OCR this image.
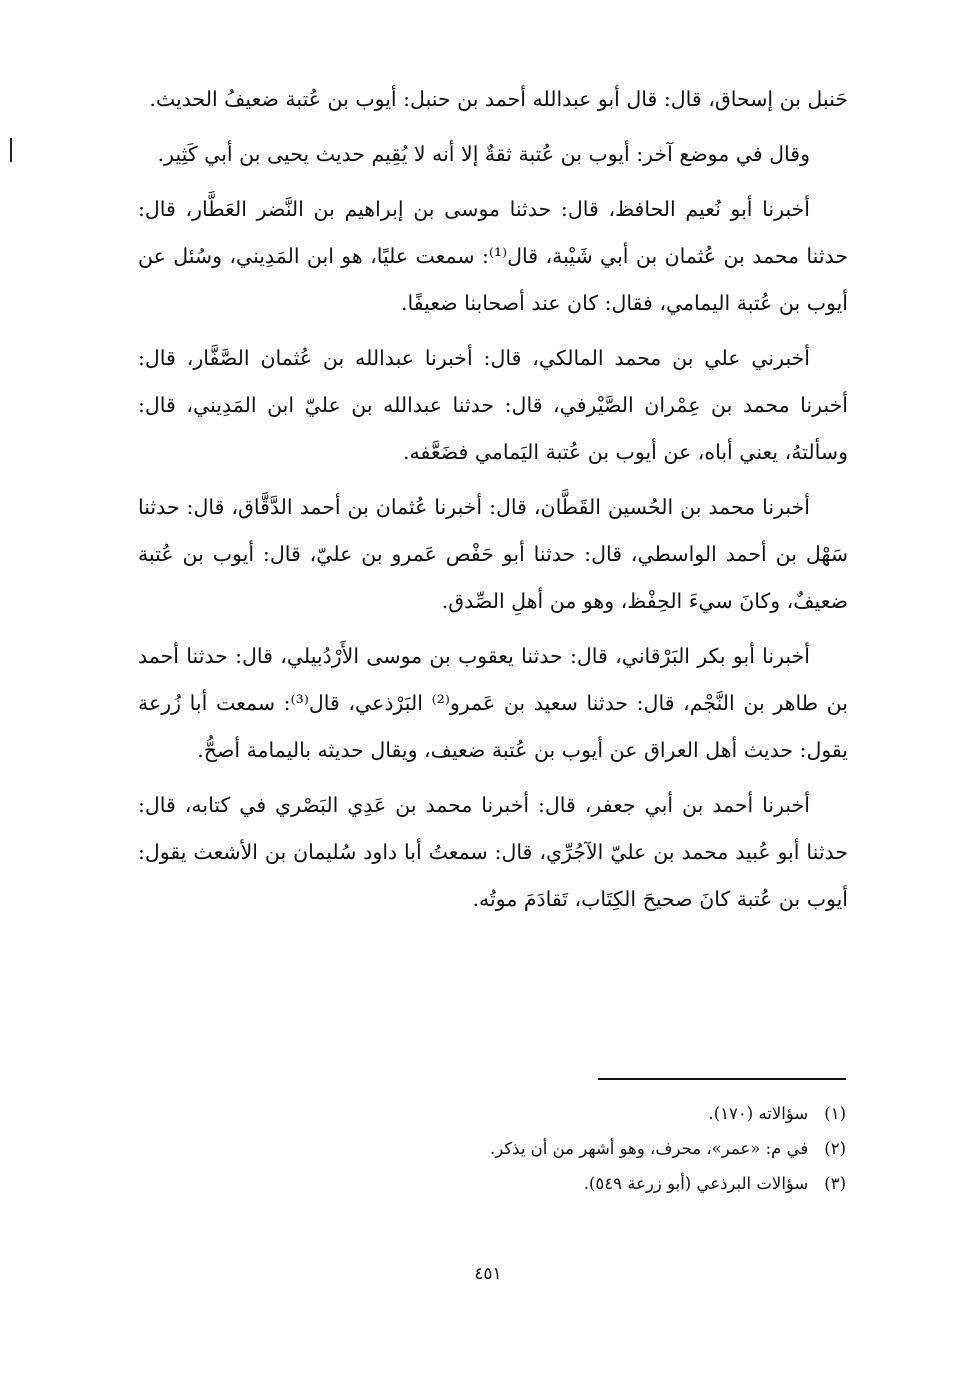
حَنبل بن إسحاق، قال: قال أبو عبدالله أحمد بن حنبل: أيوب بن عُتبة ضعيفُ الحديث.

وقال في موضع آخر: أيوب بن عُتبة ثقةٌ إلا أنه لا يُقِيم حديث يحيى بن أبي كَثِير.

أخبرنا أبو نُعيم الحافظ، قال: حدثنا موسى بن إبراهيم بن النَّضر العَطَّار، قال: حدثنا محمد بن عُثمان بن أبي شَيْبة، قال⁽¹⁾: سمعت عليًا، هو ابن المَدِيني، وسُئل عن أيوب بن عُتبة اليمامي، فقال: كان عند أصحابنا ضعيفًا.

أخبرني علي بن محمد المالكي، قال: أخبرنا عبدالله بن عُثمان الصَّفَّار، قال: أخبرنا محمد بن عِمْران الصَّيْرفي، قال: حدثنا عبدالله بن عليّ ابن المَدِيني، قال: وسألتهُ، يعني أباه، عن أيوب بن عُتبة اليَمامي فضَعَّفه.

أخبرنا محمد بن الحُسين القَطَّان، قال: أخبرنا عُثمان بن أحمد الدَّقَّاق، قال: حدثنا سَهْل بن أحمد الواسطي، قال: حدثنا أبو حَفْص عَمرو بن عليّ، قال: أيوب بن عُتبة ضعيفٌ، وكانَ سيءَ الحِفْظ، وهو من أهلِ الصِّدق.

أخبرنا أبو بكر البَرْقاني، قال: حدثنا يعقوب بن موسى الأَرْدُبيلي، قال: حدثنا أحمد بن طاهر بن النَّجْم، قال: حدثنا سعيد بن عَمرو⁽²⁾ البَرْذعي، قال⁽³⁾: سمعت أبا زُرعة يقول: حديث أهل العراق عن أيوب بن عُتبة ضعيف، ويقال حديثه باليمامة أصحُّ.

أخبرنا أحمد بن أبي جعفر، قال: أخبرنا محمد بن عَدِي البَصْري في كتابه، قال: حدثنا أبو عُبيد محمد بن عليّ الآجُرِّي، قال: سمعتُ أبا داود سُليمان بن الأشعث يقول: أيوب بن عُتبة كانَ صحيحَ الكِتَاب، تَقادَمَ موتُه.

(١)سؤالاته (١٧٠).

(٢)في م: «عمر»، محرف، وهو أشهر من أن يذكر.

(٣)سؤالات البرذعي (أبو زرعة ٥٤٩).

٤٥١
